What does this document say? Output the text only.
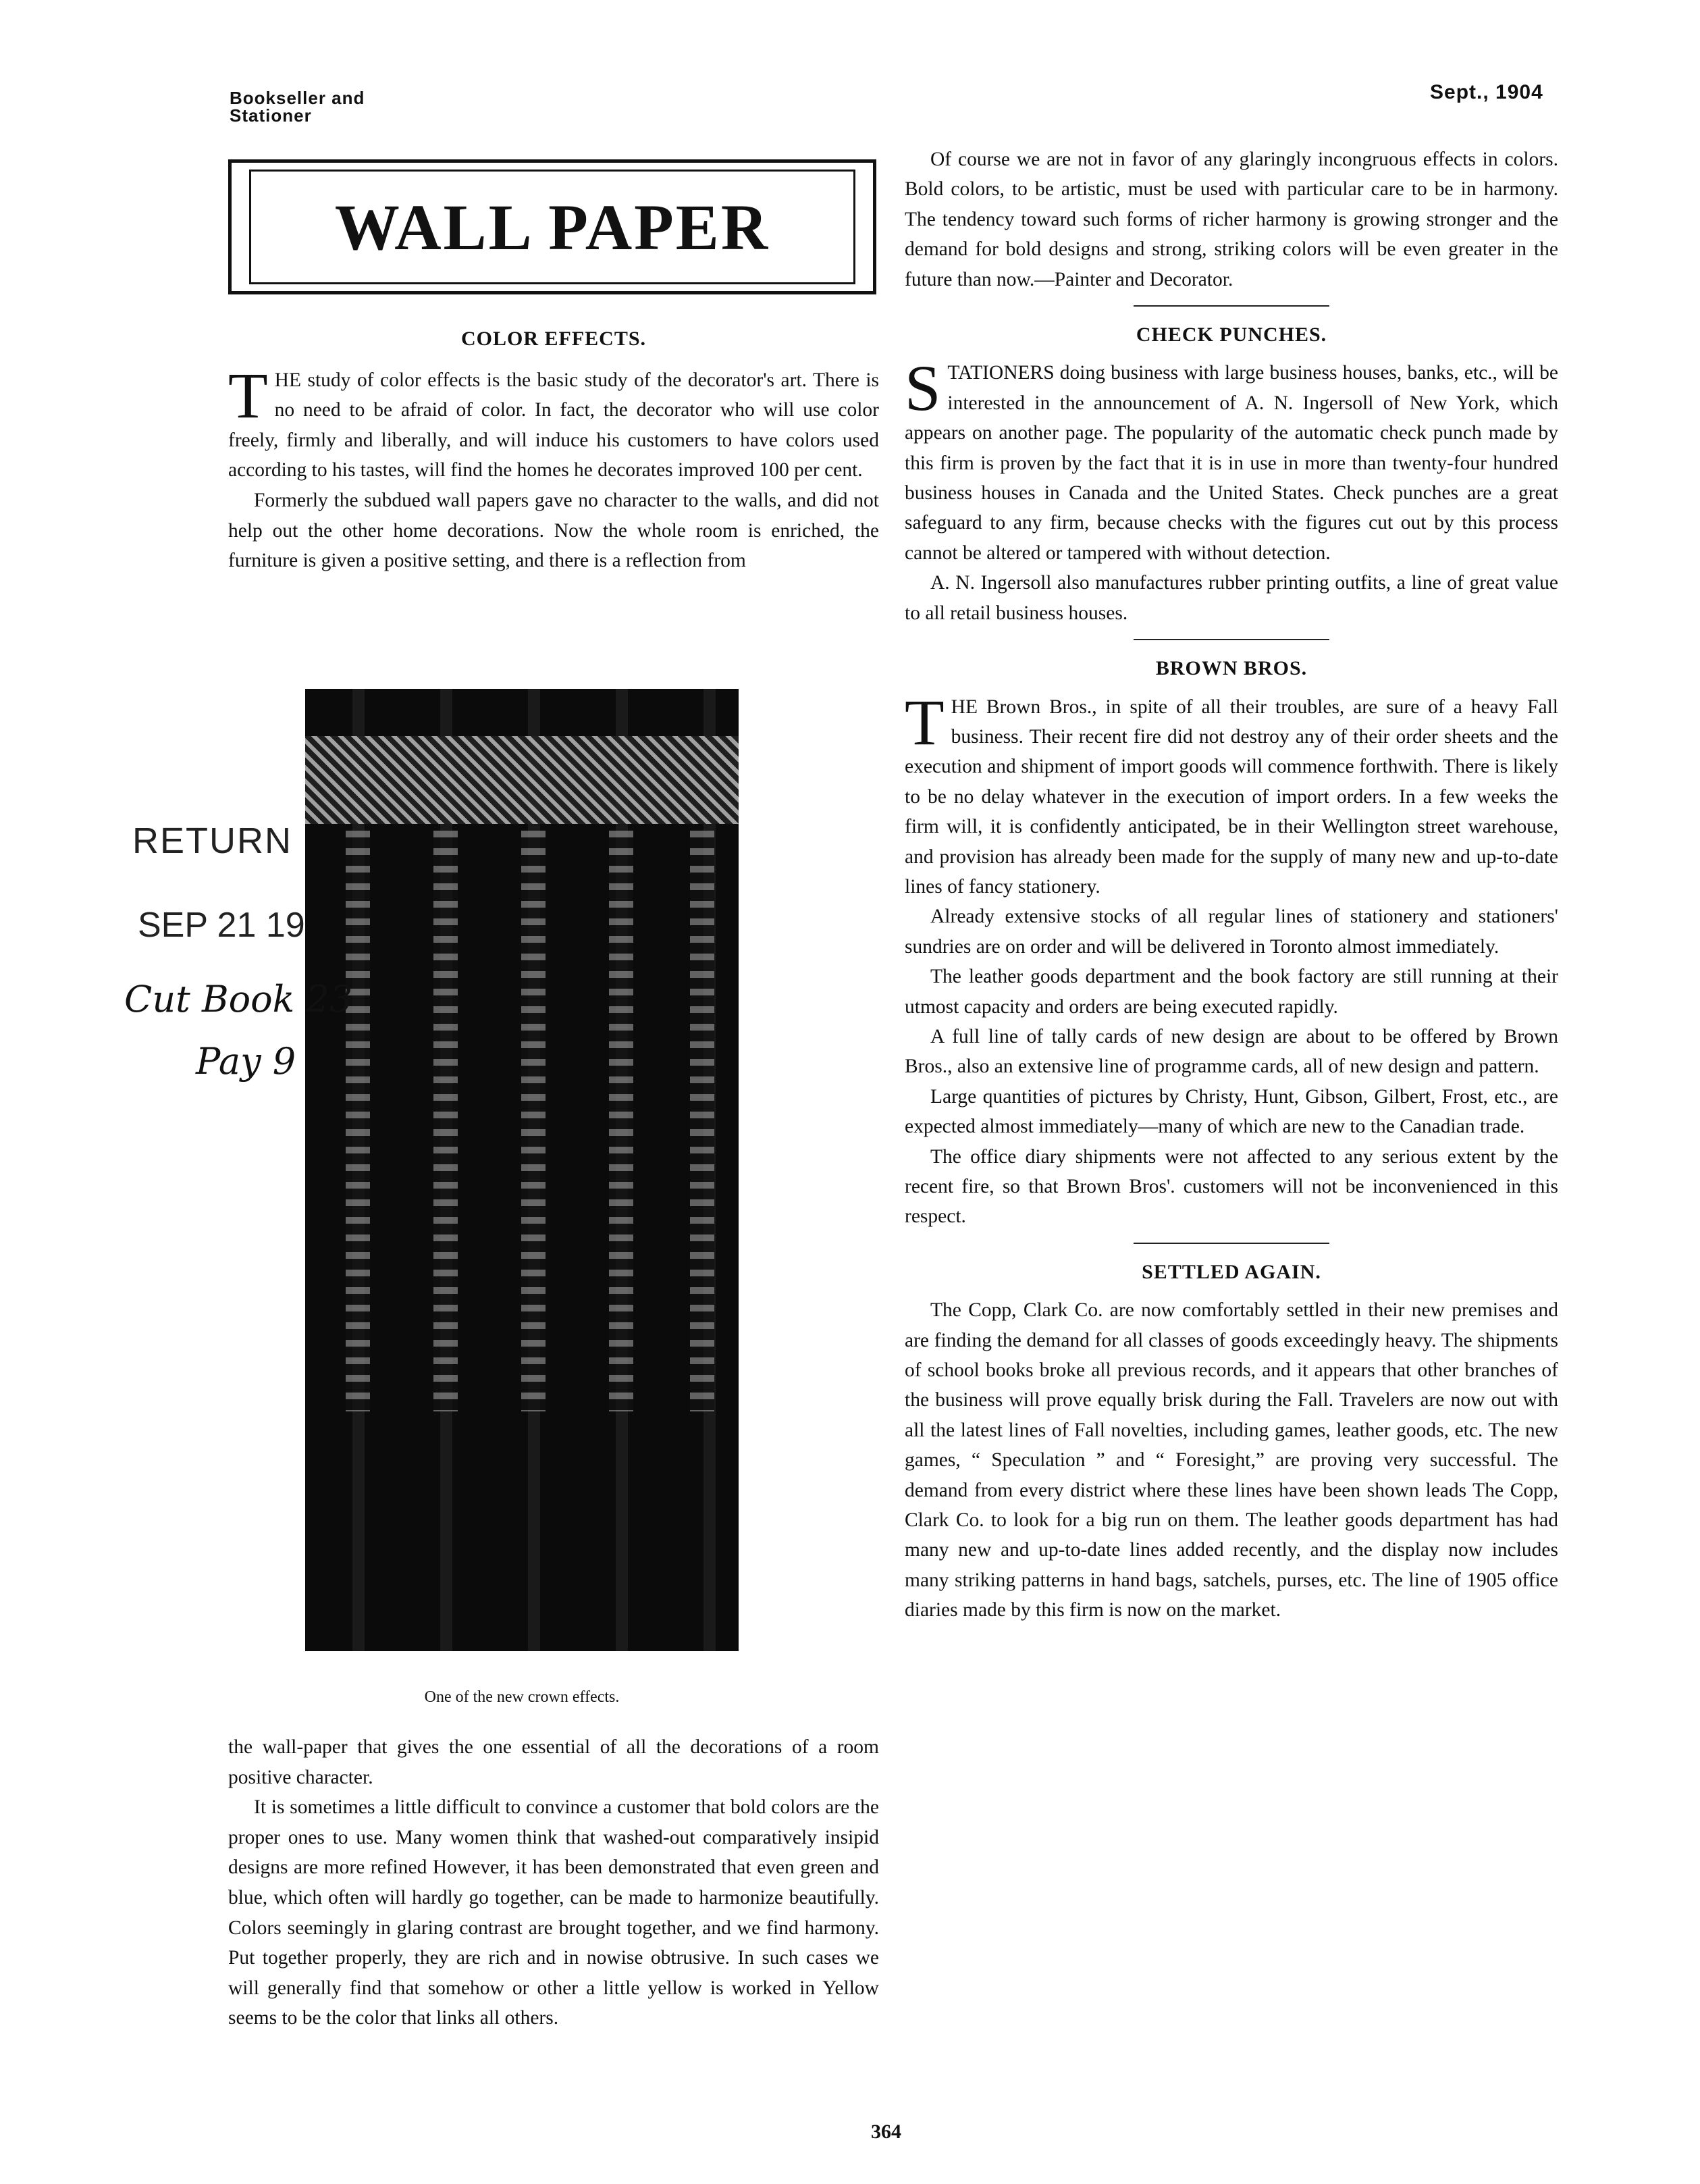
Bookseller and
Stationer
Sept., 1904
WALL PAPER
COLOR EFFECTS.

THE study of color effects is the basic study of the decorator's art. There is no need to be afraid of color. In fact, the decorator who will use color freely, firmly and liberally, and will induce his customers to have colors used according to his tastes, will find the homes he decorates improved 100 per cent.

Formerly the subdued wall papers gave no character to the walls, and did not help out the other home decorations. Now the whole room is enriched, the furniture is given a positive setting, and there is a reflection from

One of the new crown effects.
RETURN
SEP 21 19
Cut Book 23
Pay 9

the wall-paper that gives the one essential of all the decorations of a room positive character.

It is sometimes a little difficult to convince a customer that bold colors are the proper ones to use. Many women think that washed-out comparatively insipid designs are more refined However, it has been demonstrated that even green and blue, which often will hardly go together, can be made to harmonize beautifully. Colors seemingly in glaring contrast are brought together, and we find harmony. Put together properly, they are rich and in nowise obtrusive. In such cases we will generally find that somehow or other a little yellow is worked in Yellow seems to be the color that links all others.

Of course we are not in favor of any glaringly incongruous effects in colors. Bold colors, to be artistic, must be used with particular care to be in harmony. The tendency toward such forms of richer harmony is growing stronger and the demand for bold designs and strong, striking colors will be even greater in the future than now.—Painter and Decorator.

CHECK PUNCHES.

STATIONERS doing business with large business houses, banks, etc., will be interested in the announcement of A. N. Ingersoll of New York, which appears on another page. The popularity of the automatic check punch made by this firm is proven by the fact that it is in use in more than twenty-four hundred business houses in Canada and the United States. Check punches are a great safeguard to any firm, because checks with the figures cut out by this process cannot be altered or tampered with without detection.

A. N. Ingersoll also manufactures rubber printing outfits, a line of great value to all retail business houses.

BROWN BROS.

THE Brown Bros., in spite of all their troubles, are sure of a heavy Fall business. Their recent fire did not destroy any of their order sheets and the execution and shipment of import goods will commence forthwith. There is likely to be no delay whatever in the execution of import orders. In a few weeks the firm will, it is confidently anticipated, be in their Wellington street warehouse, and provision has already been made for the supply of many new and up-to-date lines of fancy stationery.

Already extensive stocks of all regular lines of stationery and stationers' sundries are on order and will be delivered in Toronto almost immediately.

The leather goods department and the book factory are still running at their utmost capacity and orders are being executed rapidly.

A full line of tally cards of new design are about to be offered by Brown Bros., also an extensive line of programme cards, all of new design and pattern.

Large quantities of pictures by Christy, Hunt, Gibson, Gilbert, Frost, etc., are expected almost immediately—many of which are new to the Canadian trade.

The office diary shipments were not affected to any serious extent by the recent fire, so that Brown Bros'. customers will not be inconvenienced in this respect.

SETTLED AGAIN.

The Copp, Clark Co. are now comfortably settled in their new premises and are finding the demand for all classes of goods exceedingly heavy. The shipments of school books broke all previous records, and it appears that other branches of the business will prove equally brisk during the Fall. Travelers are now out with all the latest lines of Fall novelties, including games, leather goods, etc. The new games, “ Speculation ” and “ Foresight,” are proving very successful. The demand from every district where these lines have been shown leads The Copp, Clark Co. to look for a big run on them. The leather goods department has had many new and up-to-date lines added recently, and the display now includes many striking patterns in hand bags, satchels, purses, etc. The line of 1905 office diaries made by this firm is now on the market.

364
